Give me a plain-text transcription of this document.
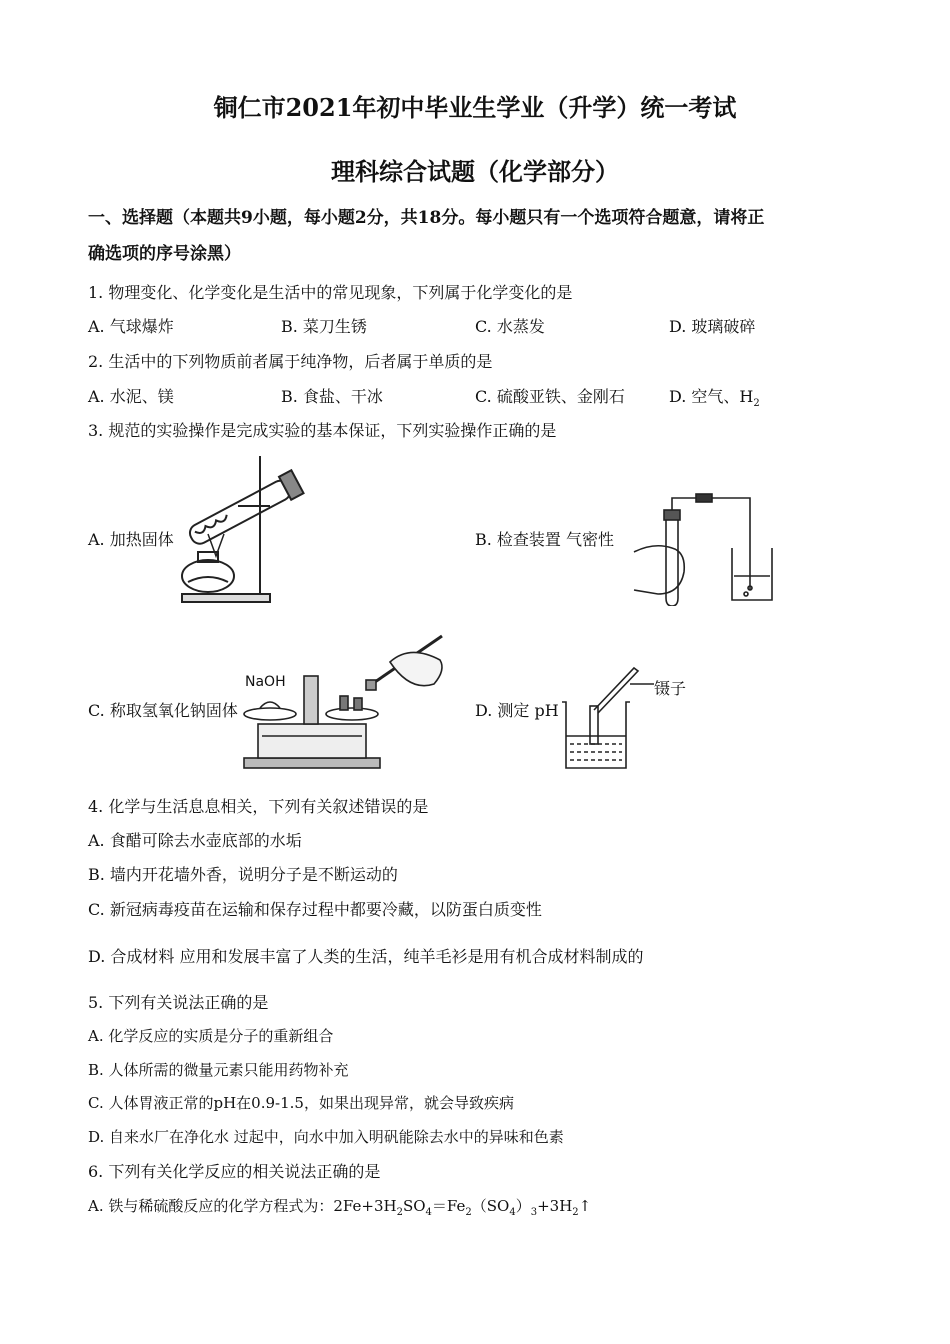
铜仁市2021年初中毕业生学业（升学）统一考试
理科综合试题（化学部分）
一、选择题（本题共9小题，每小题2分，共18分。每小题只有一个选项符合题意，请将正
确选项的序号涂黑）
1. 物理变化、化学变化是生活中的常见现象，下列属于化学变化的是
A. 气球爆炸	B. 菜刀生锈	C. 水蒸发	D. 玻璃破碎
2. 生活中的下列物质前者属于纯净物，后者属于单质的是
A. 水泥、镁	B. 食盐、干冰	C. 硫酸亚铁、金刚石	D. 空气、$H_2$
3. 规范的实验操作是完成实验的基本保证，下列实验操作正确的是
A. 加热固体	B. 检查装置 气密性
C. 称取氢氧化钠固体
NaOH
D. 测定 pH
镊子
4. 化学与生活息息相关，下列有关叙述错误的是
A. 食醋可除去水壶底部的水垢
B. 墙内开花墙外香，说明分子是不断运动的
C. 新冠病毒疫苗在运输和保存过程中都要冷藏，以防蛋白质变性
D. 合成材料 应用和发展丰富了人类的生活，纯羊毛衫是用有机合成材料制成的
5. 下列有关说法正确的是
A. 化学反应的实质是分子的重新组合
B. 人体所需的微量元素只能用药物补充
C. 人体胃液正常的pH在0.9-1.5，如果出现异常，就会导致疾病
D. 自来水厂在净化水 过起中，向水中加入明矾能除去水中的异味和色素
6. 下列有关化学反应的相关说法正确的是
A. 铁与稀硫酸反应的化学方程式为：$2Fe+3H_2SO_4=Fe_2(SO_4)_3+3H_2↑$
